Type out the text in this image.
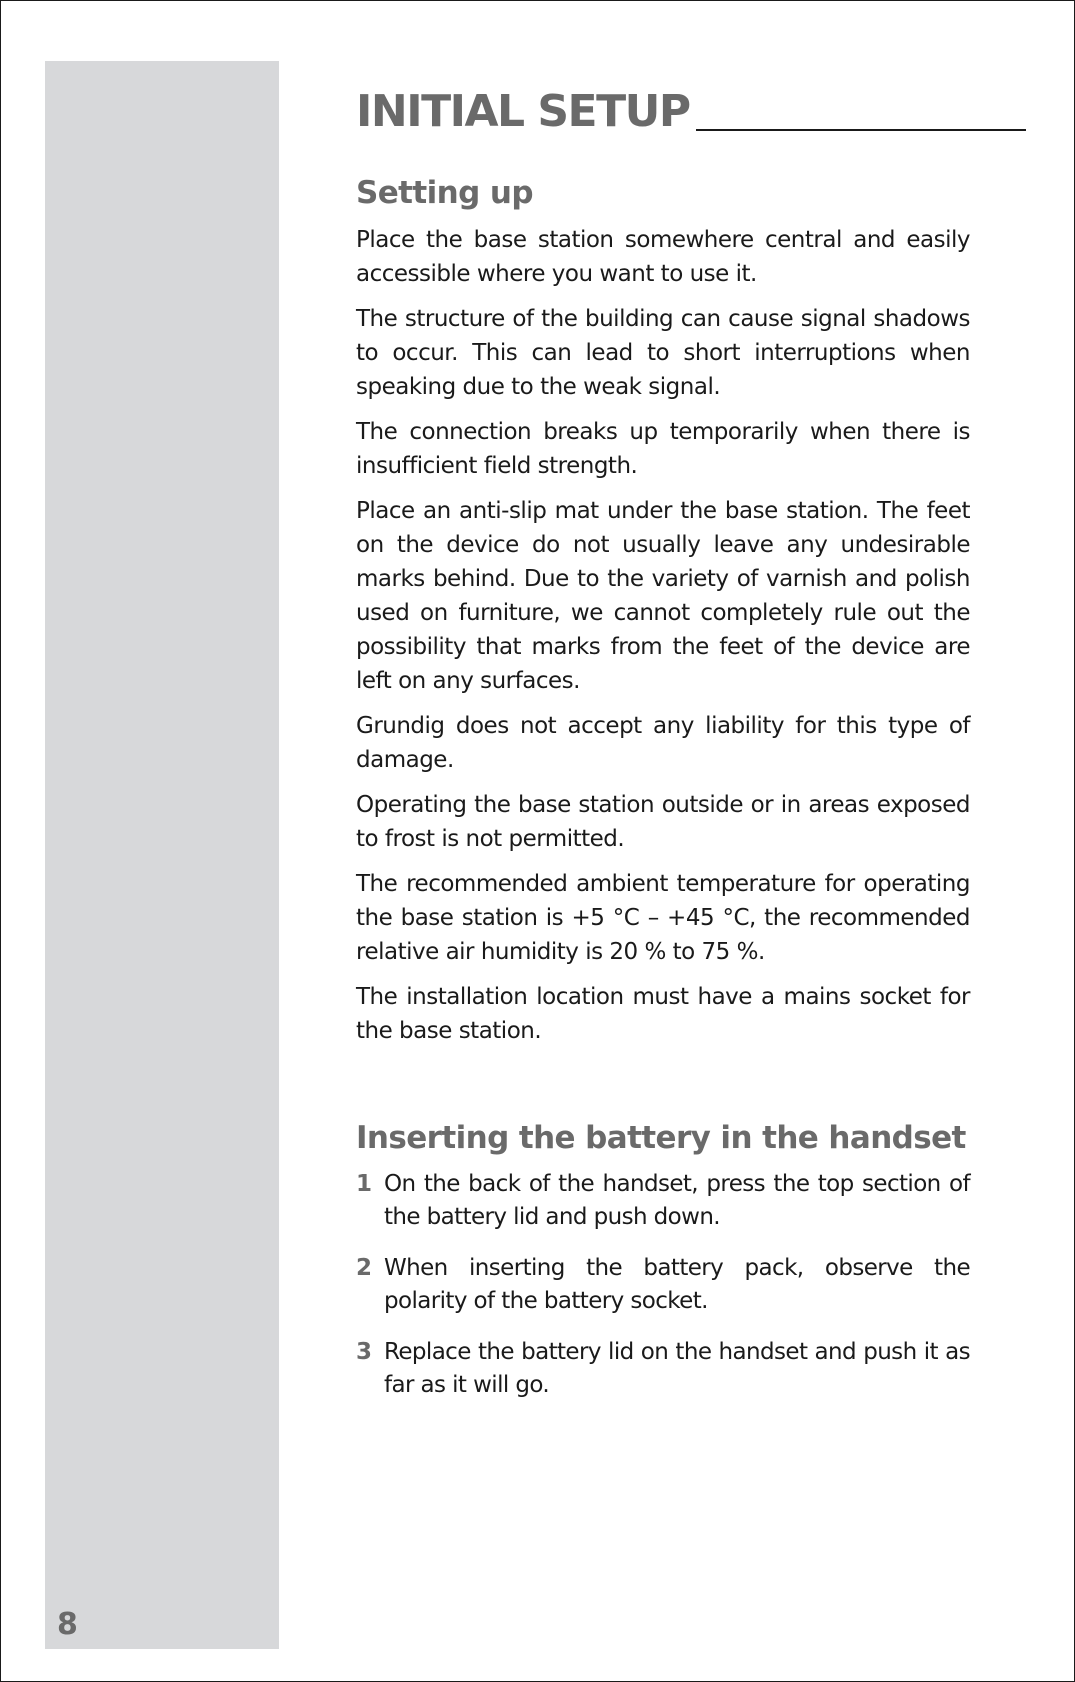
8
INITIAL SETUP
Setting up

Place the base station somewhere central and easily accessible where you want to use it.

The structure of the building can cause signal shadows to occur. This can lead to short interruptions when speaking due to the weak signal.

The connection breaks up temporarily when there is insufficient field strength.

Place an anti-slip mat under the base station. The feet on the device do not usually leave any undesirable marks behind. Due to the variety of varnish and polish used on furniture, we cannot completely rule out the possibility that marks from the feet of the device are left on any surfaces.

Grundig does not accept any liability for this type of damage.

Operating the base station outside or in areas exposed to frost is not permitted.

The recommended ambient temperature for operating the base station is +5 °C – +45 °C, the recommended relative air humidity is 20 % to 75 %.

The installation location must have a mains socket for the base station.

Inserting the battery in the handset
1 On the back of the handset, press the top section of the battery lid and push down.
2 When inserting the battery pack, observe the polarity of the battery socket.
3 Replace the battery lid on the handset and push it as far as it will go.
